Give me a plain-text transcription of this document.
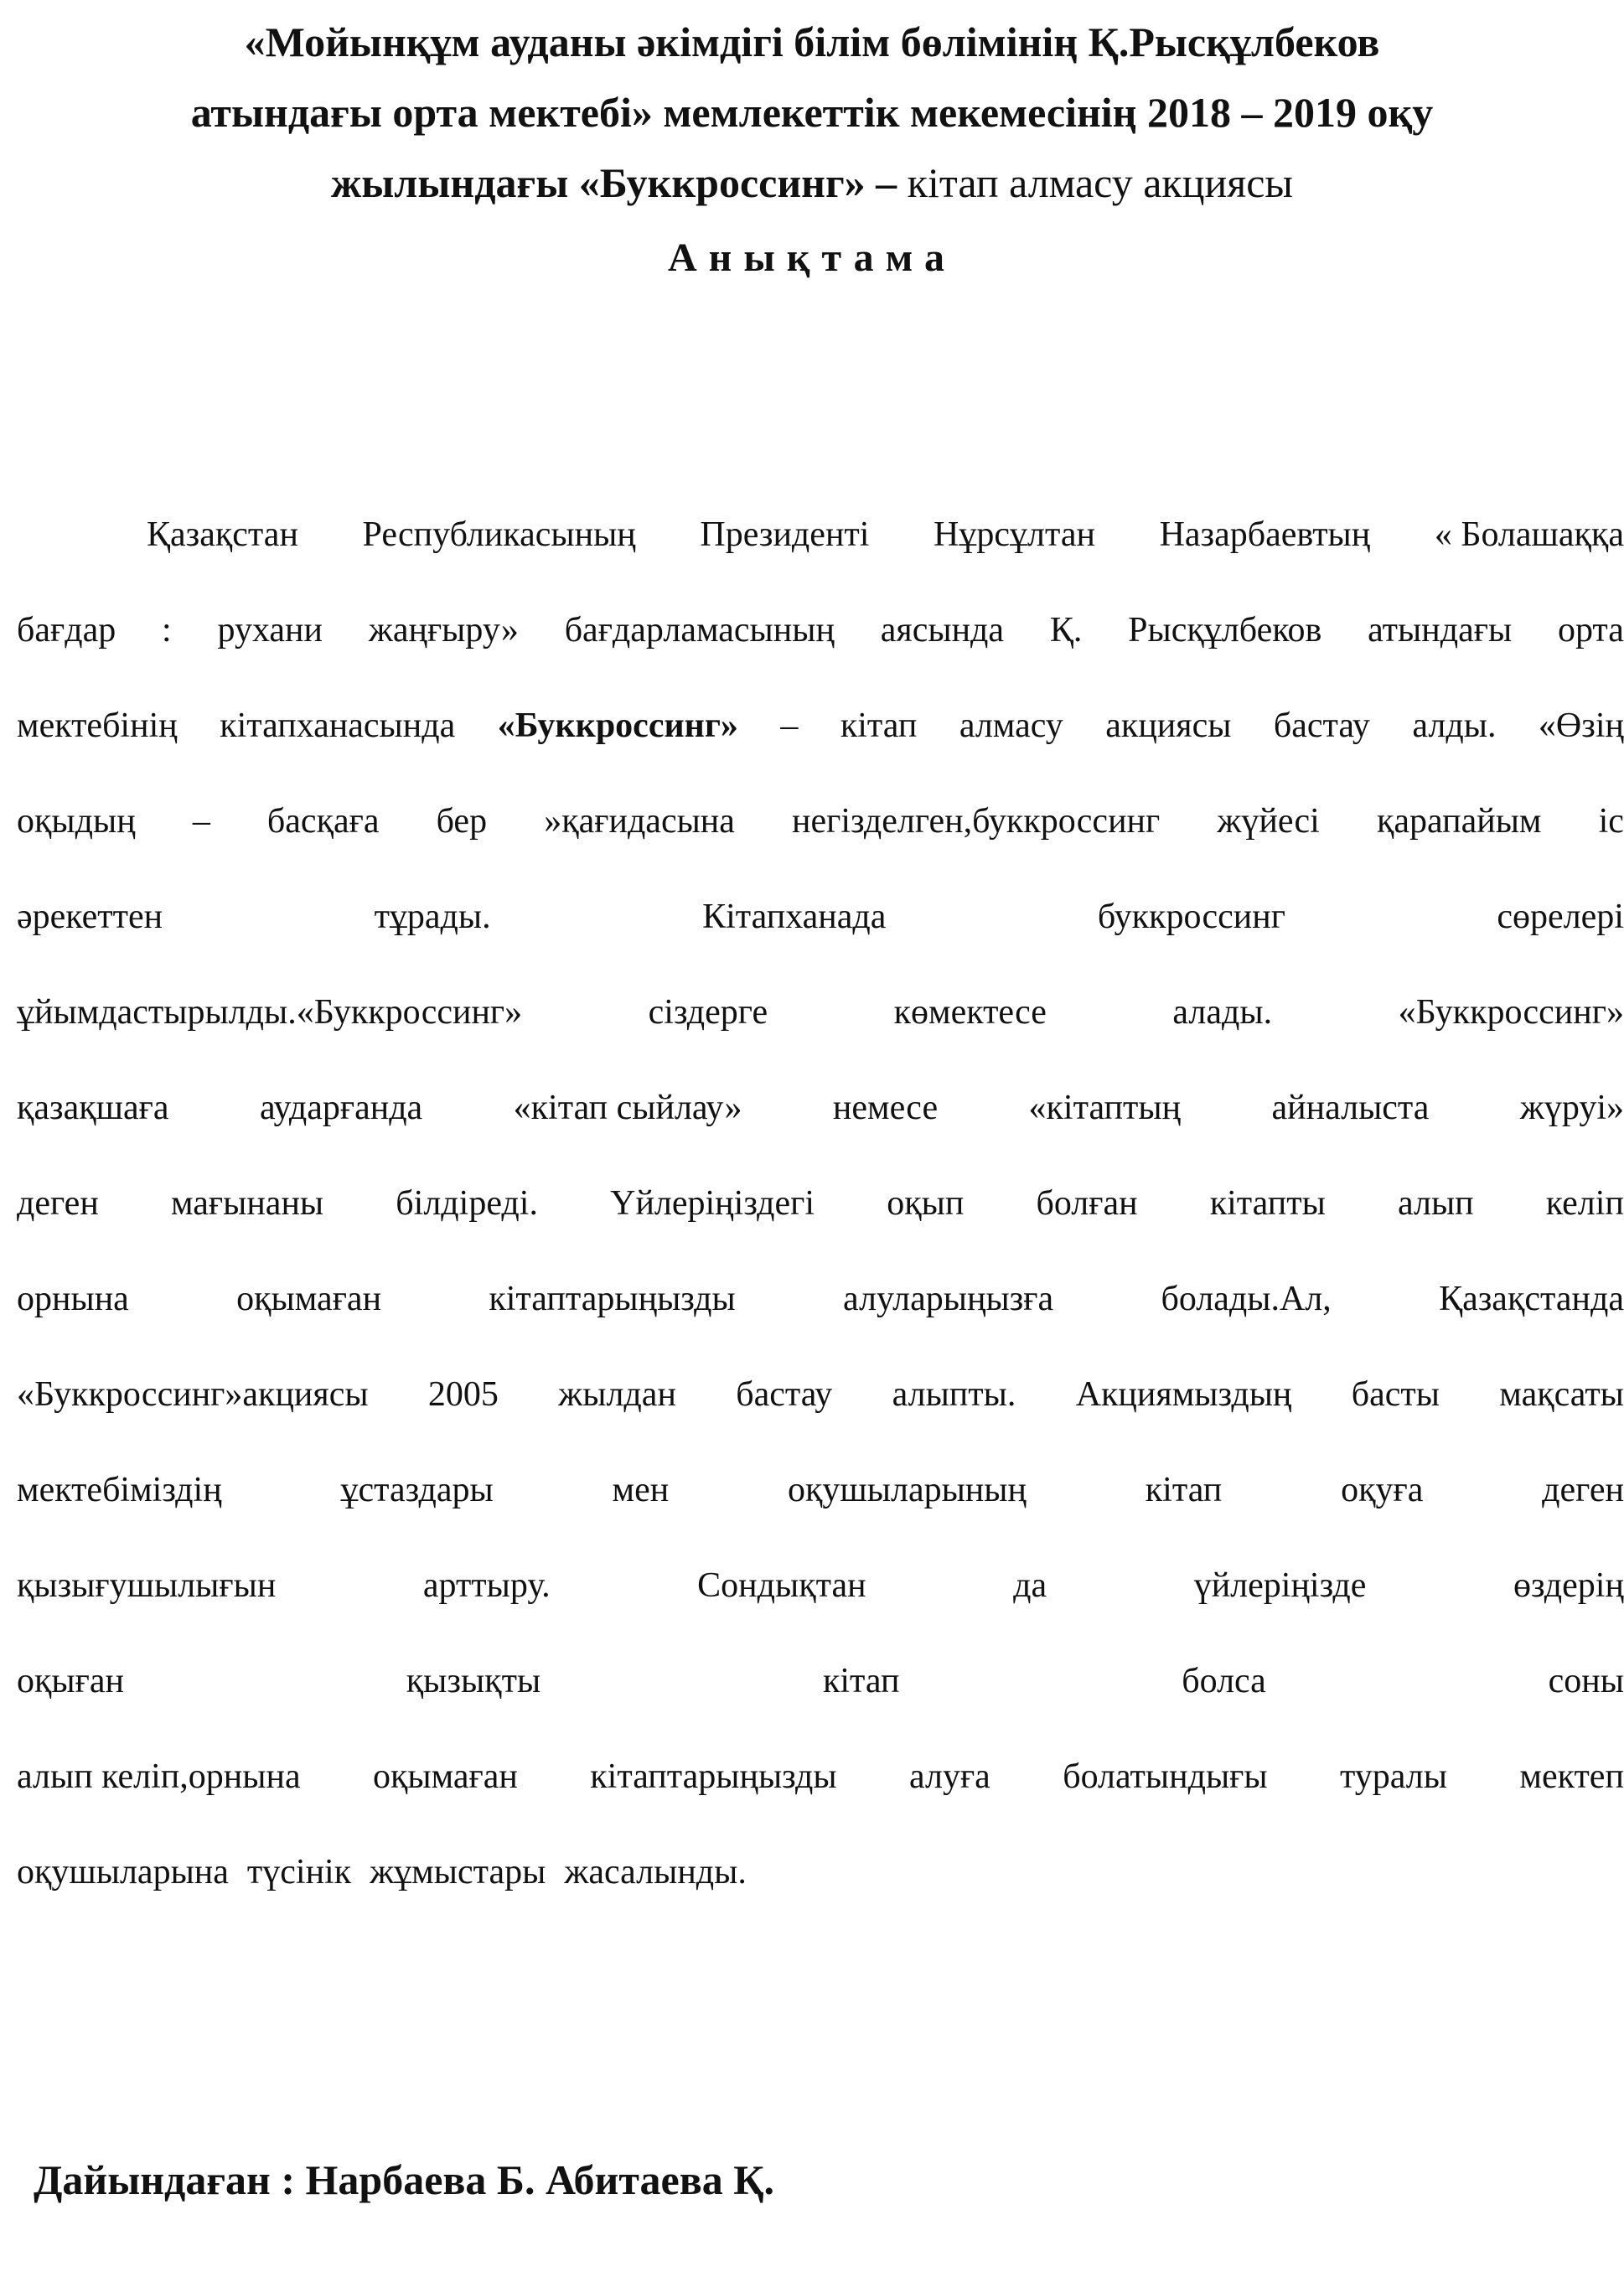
«Мойынқұм ауданы әкімдігі білім бөлімінің Қ.Рысқұлбеков
атындағы орта мектебі» мемлекеттік мекемесінің 2018 – 2019 оқу
жылындағы «Буккроссинг» – кітап алмасу акциясы
Анықтама
Қазақстан Республикасының Президенті Нұрсұлтан Назарбаевтың « Болашаққа
бағдар : рухани жаңғыру» бағдарламасының аясында Қ. Рысқұлбеков атындағы орта
мектебінің кітапханасында «Буккроссинг» – кітап алмасу акциясы бастау алды. «Өзің
оқыдың – басқаға бер »қағидасына негізделген,буккроссинг жүйесі қарапайым іс
әрекеттен	тұрады.	Кітапханада	буккроссинг	сөрелері
ұйымдастырылды.«Буккроссинг»	сіздерге	көмектесе	алады.	«Буккроссинг»
қазақшаға	аударғанда	«кітап сыйлау»	немесе	«кітаптың	айналыста	жүруі»
деген мағынаны білдіреді. Үйлеріңіздегі оқып болған кітапты алып келіп
орнына	оқымаған	кітаптарыңызды	алуларыңызға	болады.Ал,	Қазақстанда
«Буккроссинг»акциясы 2005 жылдан бастау алыпты. Акциямыздың басты мақсаты
мектебіміздің	ұстаздары	мен	оқушыларының	кітап	оқуға	деген
қызығушылығын	арттыру.	Сондықтан	да	үйлеріңізде	өздерің
оқыған	қызықты	кітап	болса	соны
алып келіп,орнына оқымаған кітаптарыңызды алуға болатындығы туралы мектеп
оқушыларына түсінік жұмыстары жасалынды.
Дайындаған : Нарбаева Б. Абитаева Қ.
